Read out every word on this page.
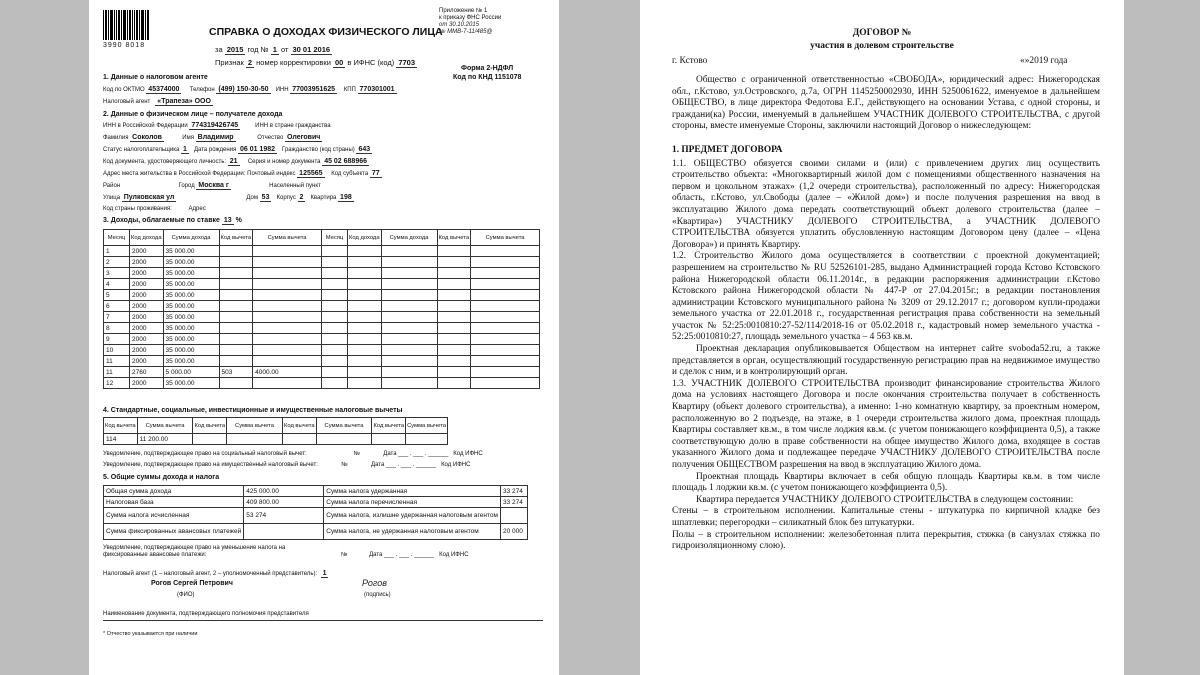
3990 8018
СПРАВКА О ДОХОДАХ ФИЗИЧЕСКОГО ЛИЦА
Приложение № 1
к приказу ФНС России
от 30.10.2015
№ ММВ-7-11/485@
за 2015 год № 1 от 30 01 2016
Признак 2 номер корректировки 00 в ИФНС (код) 7703
Форма 2-НДФЛ
Код по КНД 1151078
1. Данные о налоговом агенте
Код по ОКТМО 45374000 Телефон (499) 150-30-50 ИНН 77003951625 КПП 770301001
Налоговый агент «Трапеза» ООО
2. Данные о физическом лице – получателе дохода
ИНН в Российской Федерации 774319426745	ИНН в стране гражданства
Фамилия Соколов	Имя Владимир	Отчество Олегович
Статус налогоплательщика 1 Дата рождения 06 01 1982 Гражданство (код страны) 643
Код документа, удостоверяющего личность: 21 Серия и номер документа 45 02 688966
Адрес места жительства в Российской Федерации: Почтовый индекс 125565 Код субъекта 77
Район	Город Москва г	Населенный пункт
Улица Пулковская ул	Дом 53 Корпус 2 Квартира 198
Код страны проживания:	Адрес
3. Доходы, облагаемые по ставке 13 %
Месяц	Код дохода	Сумма дохода	Код вычета	Сумма вычета
1	2000	35 000.00		
2	2000	35 000.00		
3	2000	35 000.00		
4	2000	35 000.00		
5	2000	35 000.00		
6	2000	35 000.00		
7	2000	35 000.00		
8	2000	35 000.00		
9	2000	35 000.00		
10	2000	35 000.00		
11	2000	35 000.00		
11	2760	5 000.00	503	4000.00
12	2000	35 000.00		
Месяц	Код дохода	Сумма дохода	Код вычета	Сумма вычета

4. Стандартные, социальные, инвестиционные и имущественные налоговые вычеты
Код вычета	Сумма вычета	Код вычета	Сумма вычета	Код вычета	Сумма вычета	Код вычета	Сумма вычета
114	11 200.00						
Уведомление, подтверждающее право на социальный налоговый вычет:	№	Дата ___ . ___ . ______   Код ИФНС
Уведомление, подтверждающее право на имущественный налоговый вычет:	№	Дата ___ . ___ . ______   Код ИФНС
5. Общие суммы дохода и налога
Общая сумма дохода	425 000.00	Сумма налога удержанная	33 274
Налоговая база	409 800.00	Сумма налога перечисленная	33 274
Сумма налога исчисленная	53 274	Сумма налога, излишне удержанная налоговым агентом	
Сумма фиксированных авансовых платежей		Сумма налога, не удержанная налоговым агентом	20 000
Уведомление, подтверждающее право на уменьшение налога на фиксированные авансовые платежи:	№	Дата ___ . ___ . ______   Код ИФНС
Налоговый агент (1 – налоговый агент, 2 – уполномоченный представитель): 1
Рогов Сергей Петрович	Рогов
(ФИО)	(подпись)
Наименование документа, подтверждающего полномочия представителя
* Отчество указывается при наличии
ДОГОВОР №
участия в долевом строительстве
г. Кстово	«»2019 года

Общество с ограниченной ответственностью «СВОБОДА», юридический адрес: Нижегородская обл., г.Кстово, ул.Островского, д.7а, ОГРН 1145250002930, ИНН 5250061622, именуемое в дальнейшем ОБЩЕСТВО, в лице директора Федотова Е.Г., действующего на основании Устава, с одной стороны, и граждани(ка) России, именуемый в дальнейшем УЧАСТНИК ДОЛЕВОГО СТРОИТЕЛЬСТВА, с другой стороны, вместе именуемые Стороны, заключили настоящий Договор о нижеследующем:

1. ПРЕДМЕТ ДОГОВОРА

1.1. ОБЩЕСТВО обязуется своими силами и (или) с привлечением других лиц осуществить строительство объекта: «Многоквартирный жилой дом с помещениями общественного назначения на первом и цокольном этажах» (1,2 очереди строительства), расположенный по адресу: Нижегородская область, г.Кстово, ул.Свободы (далее – «Жилой дом») и после получения разрешения на ввод в эксплуатацию Жилого дома передать соответствующий объект долевого строительства (далее – «Квартира») УЧАСТНИКУ ДОЛЕВОГО СТРОИТЕЛЬСТВА, а УЧАСТНИК ДОЛЕВОГО СТРОИТЕЛЬСТВА обязуется уплатить обусловленную настоящим Договором цену (далее – «Цена Договора») и принять Квартиру.

1.2. Строительство Жилого дома осуществляется в соответствии с проектной документацией; разрешением на строительство № RU 52526101-285, выдано Администрацией города Кстово Кстовского района Нижегородской области 06.11.2014г., в редакции распоряжения администрации г.Кстово Кстовского района Нижегородской области № 447-Р от 27.04.2015г.; в редакции постановления администрации Кстовского муниципального района № 3209 от 29.12.2017 г.; договором купли-продажи земельного участка от 22.01.2018 г., государственная регистрация права собственности на земельный участок № 52:25:0010810:27-52/114/2018-16 от 05.02.2018 г., кадастровый номер земельного участка - 52:25:0010810:27, площадь земельного участка – 4 563 кв.м.

Проектная декларация опубликовывается Обществом на интернет сайте svoboda52.ru, а также представляется в орган, осуществляющий государственную регистрацию прав на недвижимое имущество и сделок с ним, и в контролирующий орган.

1.3. УЧАСТНИК ДОЛЕВОГО СТРОИТЕЛЬСТВА производит финансирование строительства Жилого дома на условиях настоящего Договора и после окончания строительства получает в собственность Квартиру (объект долевого строительства), а именно: 1-но комнатную квартиру, за проектным номером, расположенную во 2 подъезде, на этаже, в 1 очереди строительства жилого дома, проектная площадь Квартиры составляет кв.м., в том числе лоджия кв.м. (с учетом понижающего коэффициента 0,5), а также соответствующую долю в праве собственности на общее имущество Жилого дома, входящее в состав указанного Жилого дома и подлежащее передаче УЧАСТНИКУ ДОЛЕВОГО СТРОИТЕЛЬСТВА после получения ОБЩЕСТВОМ разрешения на ввод в эксплуатацию Жилого дома.

Проектная площадь Квартиры включает в себя общую площадь Квартиры кв.м. в том числе площадь 1 лоджии кв.м. (с учетом понижающего коэффициента 0,5).

Квартира передается УЧАСТНИКУ ДОЛЕВОГО СТРОИТЕЛЬСТВА в следующем состоянии:

Стены – в строительном исполнении. Капитальные стены - штукатурка по кирпичной кладке без шпатлевки; перегородки – силикатный блок без штукатурки.

Полы – в строительном исполнении: железобетонная плита перекрытия, стяжка (в санузлах стяжка по гидроизоляционному слою).
